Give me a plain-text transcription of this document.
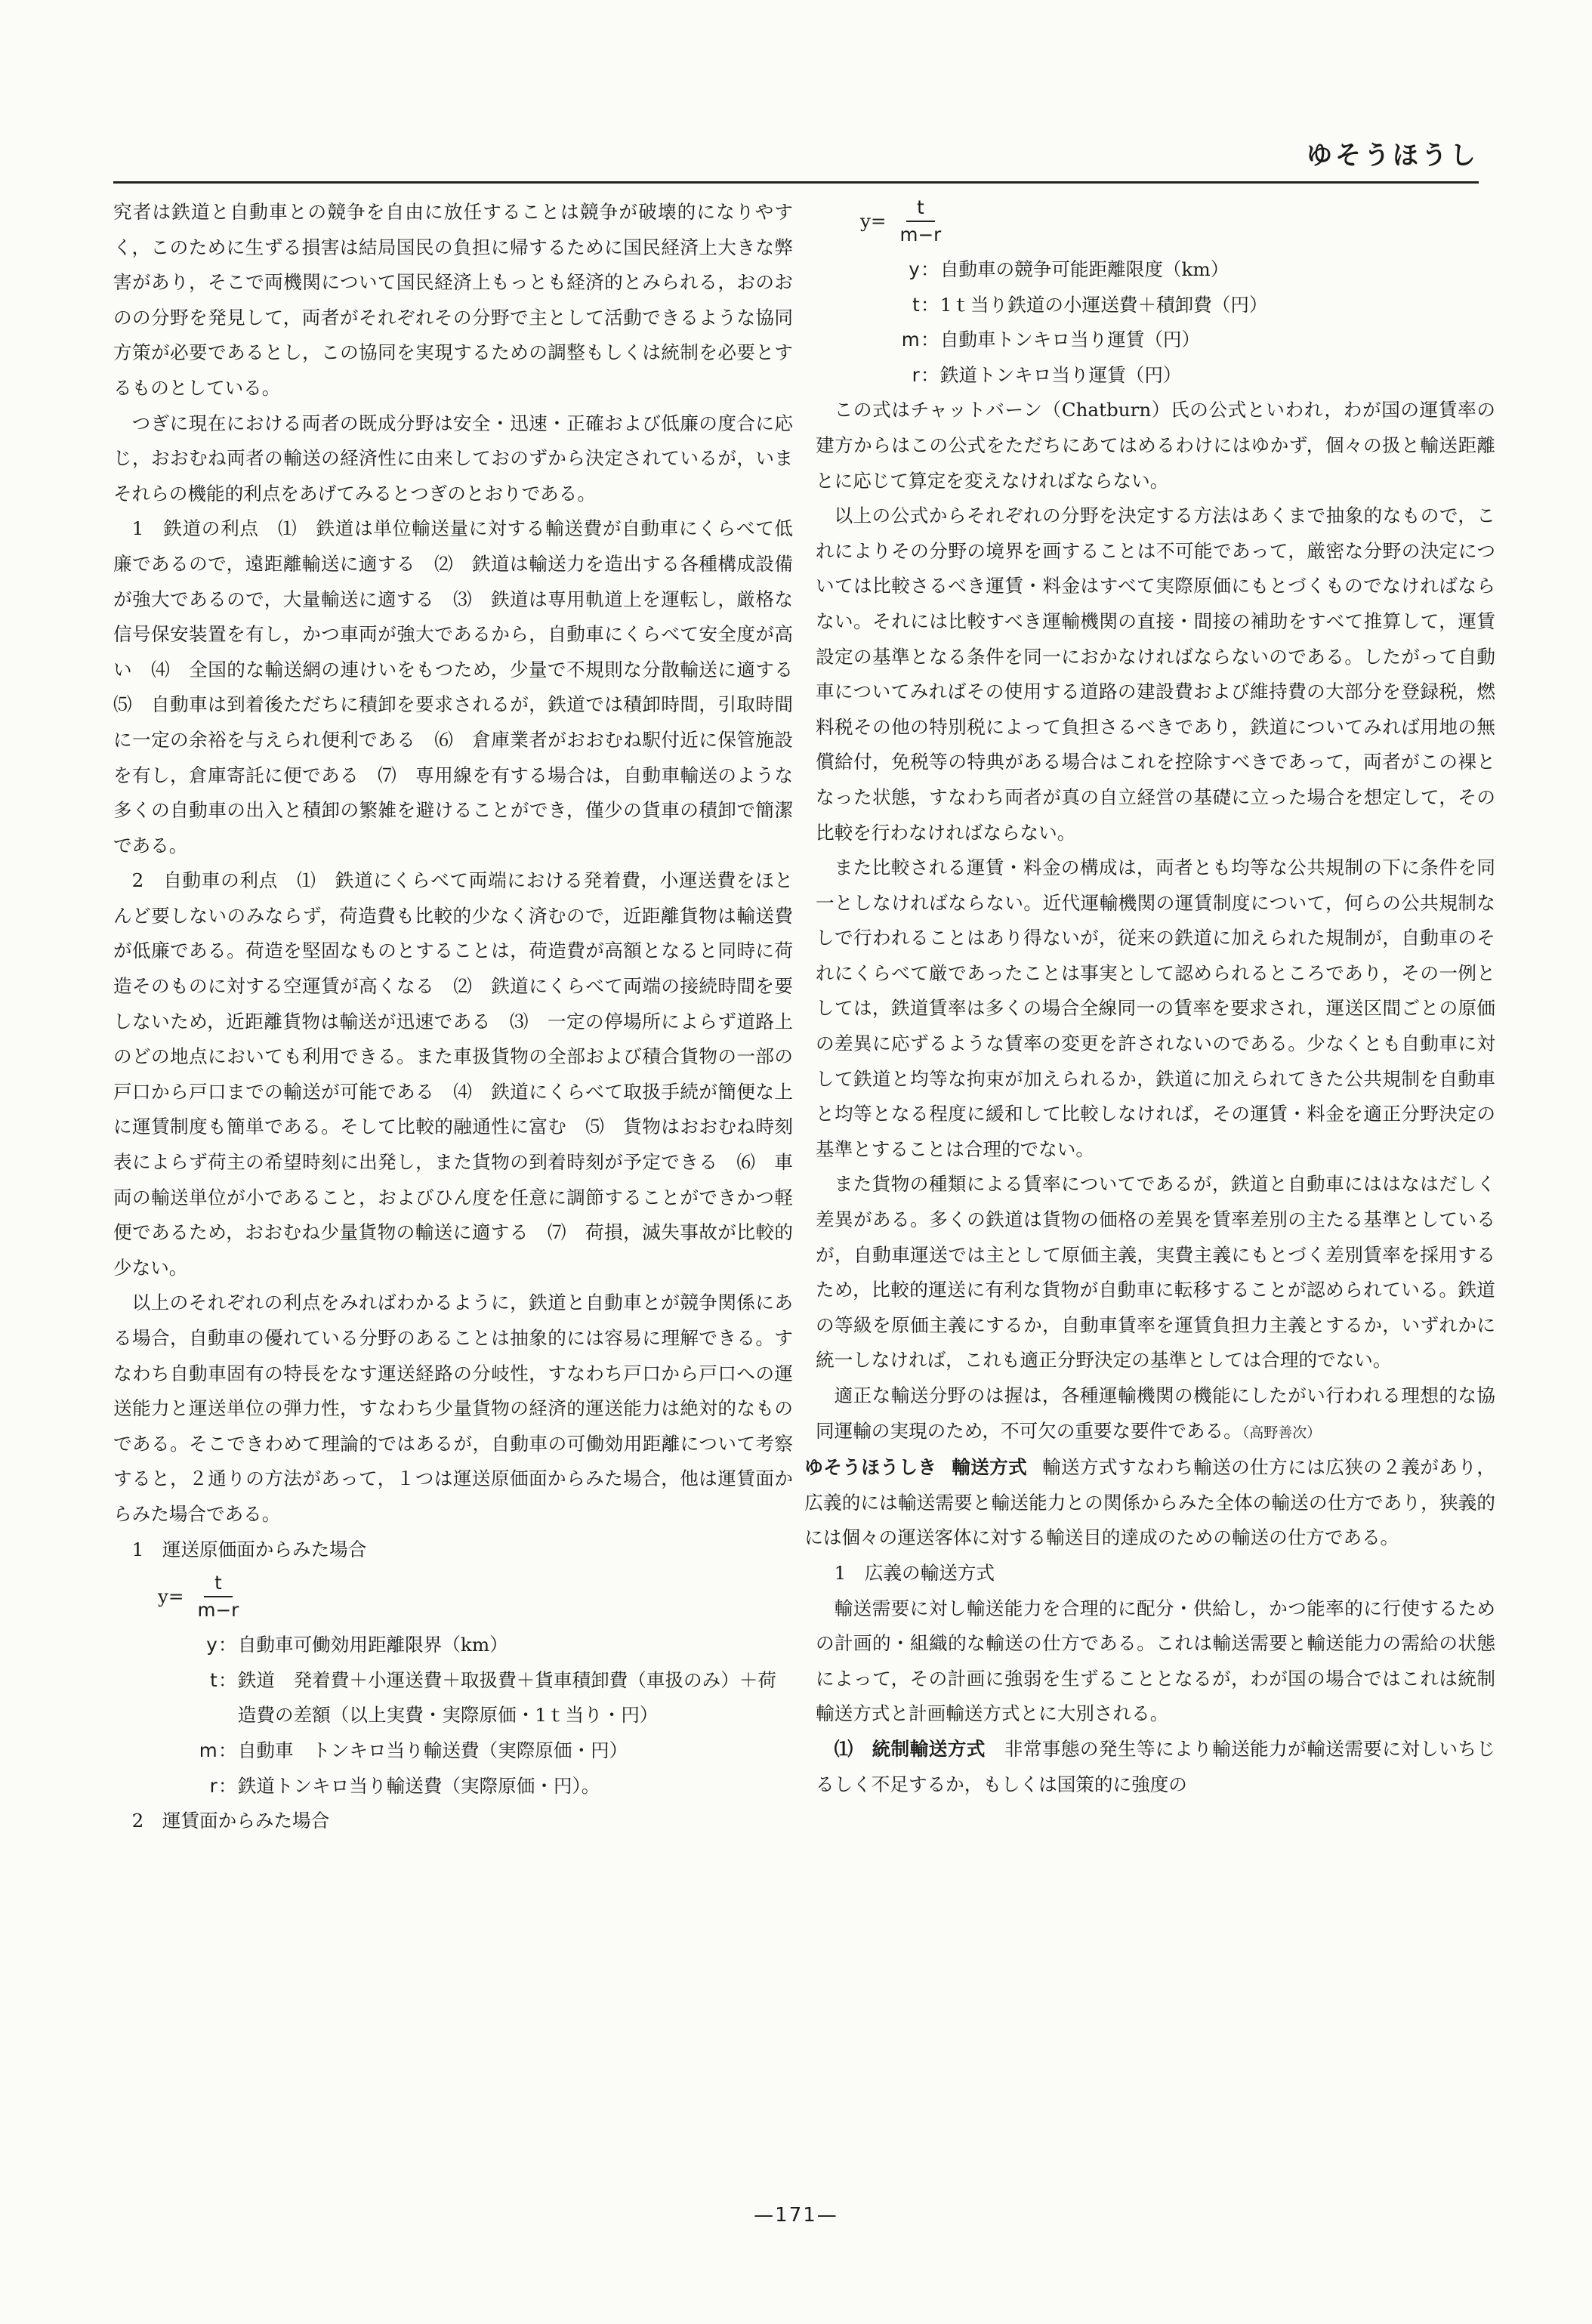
ゆそうほうし

究者は鉄道と自動車との競争を自由に放任することは競争が破壊的になりやすく，このために生ずる損害は結局国民の負担に帰するために国民経済上大きな弊害があり，そこで両機関について国民経済上もっとも経済的とみられる，おのおのの分野を発見して，両者がそれぞれその分野で主として活動できるような協同方策が必要であるとし，この協同を実現するための調整もしくは統制を必要とするものとしている。

つぎに現在における両者の既成分野は安全・迅速・正確および低廉の度合に応じ，おおむね両者の輸送の経済性に由来しておのずから決定されているが，いまそれらの機能的利点をあげてみるとつぎのとおりである。

1　鉄道の利点　⑴　鉄道は単位輸送量に対する輸送費が自動車にくらべて低廉であるので，遠距離輸送に適する　⑵　鉄道は輸送力を造出する各種構成設備が強大であるので，大量輸送に適する　⑶　鉄道は専用軌道上を運転し，厳格な信号保安装置を有し，かつ車両が強大であるから，自動車にくらべて安全度が高い　⑷　全国的な輸送網の連けいをもつため，少量で不規則な分散輸送に適する　⑸　自動車は到着後ただちに積卸を要求されるが，鉄道では積卸時間，引取時間に一定の余裕を与えられ便利である　⑹　倉庫業者がおおむね駅付近に保管施設を有し，倉庫寄託に便である　⑺　専用線を有する場合は，自動車輸送のような多くの自動車の出入と積卸の繁雑を避けることができ，僅少の貨車の積卸で簡潔である。

2　自動車の利点　⑴　鉄道にくらべて両端における発着費，小運送費をほとんど要しないのみならず，荷造費も比較的少なく済むので，近距離貨物は輸送費が低廉である。荷造を堅固なものとすることは，荷造費が高額となると同時に荷造そのものに対する空運賃が高くなる　⑵　鉄道にくらべて両端の接続時間を要しないため，近距離貨物は輸送が迅速である　⑶　一定の停場所によらず道路上のどの地点においても利用できる。また車扱貨物の全部および積合貨物の一部の戸口から戸口までの輸送が可能である　⑷　鉄道にくらべて取扱手続が簡便な上に運賃制度も簡単である。そして比較的融通性に富む　⑸　貨物はおおむね時刻表によらず荷主の希望時刻に出発し，また貨物の到着時刻が予定できる　⑹　車両の輸送単位が小であること，およびひん度を任意に調節することができかつ軽便であるため，おおむね少量貨物の輸送に適する　⑺　荷損，滅失事故が比較的少ない。

以上のそれぞれの利点をみればわかるように，鉄道と自動車とが競争関係にある場合，自動車の優れている分野のあることは抽象的には容易に理解できる。すなわち自動車固有の特長をなす運送経路の分岐性，すなわち戸口から戸口への運送能力と運送単位の弾力性，すなわち少量貨物の経済的運送能力は絶対的なものである。そこできわめて理論的ではあるが，自動車の可働効用距離について考察すると，２通りの方法があって，１つは運送原価面からみた場合，他は運賃面からみた場合である。

1　運送原価面からみた場合
$y= \frac{t}{m-r}$
y ： 自動車可働効用距離限界（km）
t ： 鉄道　発着費＋小運送費＋取扱費＋貨車積卸費（車扱のみ）＋荷造費の差額（以上実費・実際原価・1ｔ当り・円）
m ： 自動車　トンキロ当り輸送費（実際原価・円）
r ： 鉄道トンキロ当り輸送費（実際原価・円）。
2　運賃面からみた場合
$y= \frac{t}{m-r}$
y ： 自動車の競争可能距離限度（km）
t ： 1ｔ当り鉄道の小運送費＋積卸費（円）
m ： 自動車トンキロ当り運賃（円）
r ： 鉄道トンキロ当り運賃（円）

この式はチャットバーン（Chatburn）氏の公式といわれ，わが国の運賃率の建方からはこの公式をただちにあてはめるわけにはゆかず，個々の扱と輸送距離とに応じて算定を変えなければならない。

以上の公式からそれぞれの分野を決定する方法はあくまで抽象的なもので，これによりその分野の境界を画することは不可能であって，厳密な分野の決定については比較さるべき運賃・料金はすべて実際原価にもとづくものでなければならない。それには比較すべき運輸機関の直接・間接の補助をすべて推算して，運賃設定の基準となる条件を同一におかなければならないのである。したがって自動車についてみればその使用する道路の建設費および維持費の大部分を登録税，燃料税その他の特別税によって負担さるべきであり，鉄道についてみれば用地の無償給付，免税等の特典がある場合はこれを控除すべきであって，両者がこの裸となった状態，すなわち両者が真の自立経営の基礎に立った場合を想定して，その比較を行わなければならない。

また比較される運賃・料金の構成は，両者とも均等な公共規制の下に条件を同一としなければならない。近代運輸機関の運賃制度について，何らの公共規制なしで行われることはあり得ないが，従来の鉄道に加えられた規制が，自動車のそれにくらべて厳であったことは事実として認められるところであり，その一例としては，鉄道賃率は多くの場合全線同一の賃率を要求され，運送区間ごとの原価の差異に応ずるような賃率の変更を許されないのである。少なくとも自動車に対して鉄道と均等な拘束が加えられるか，鉄道に加えられてきた公共規制を自動車と均等となる程度に緩和して比較しなければ，その運賃・料金を適正分野決定の基準とすることは合理的でない。

また貨物の種類による賃率についてであるが，鉄道と自動車にははなはだしく差異がある。多くの鉄道は貨物の価格の差異を賃率差別の主たる基準としているが，自動車運送では主として原価主義，実費主義にもとづく差別賃率を採用するため，比較的運送に有利な貨物が自動車に転移することが認められている。鉄道の等級を原価主義にするか，自動車賃率を運賃負担力主義とするか，いずれかに統一しなければ，これも適正分野決定の基準としては合理的でない。

適正な輸送分野のは握は，各種運輸機関の機能にしたがい行われる理想的な協同運輸の実現のため，不可欠の重要な要件である。（高野善次）

ゆそうほうしき 輸送方式 輸送方式すなわち輸送の仕方には広狭の２義があり，広義的には輸送需要と輸送能力との関係からみた全体の輸送の仕方であり，狭義的には個々の運送客体に対する輸送目的達成のための輸送の仕方である。

1　広義の輸送方式

輸送需要に対し輸送能力を合理的に配分・供給し，かつ能率的に行使するための計画的・組織的な輸送の仕方である。これは輸送需要と輸送能力の需給の状態によって，その計画に強弱を生ずることとなるが，わが国の場合ではこれは統制輸送方式と計画輸送方式とに大別される。

⑴　統制輸送方式　 非常事態の発生等により輸送能力が輸送需要に対しいちじるしく不足するか，もしくは国策的に強度の

—171—
